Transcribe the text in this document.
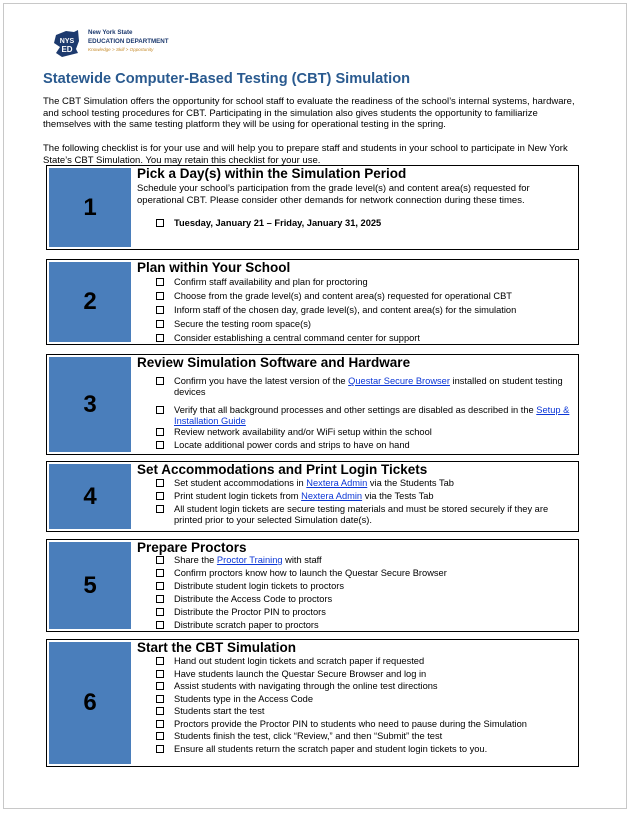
NYS
ED
New York State
EDUCATION DEPARTMENT
Knowledge > Skill > Opportunity
Statewide Computer-Based Testing (CBT) Simulation

The CBT Simulation offers the opportunity for school staff to evaluate the readiness of the school’s internal systems, hardware, and school testing procedures for CBT. Participating in the simulation also gives students the opportunity to familiarize themselves with the same testing platform they will be using for operational testing in the spring.

The following checklist is for your use and will help you to prepare staff and students in your school to participate in New York State’s CBT Simulation. You may retain this checklist for your use.

1
Pick a Day(s) within the Simulation Period
Schedule your school’s participation from the grade level(s) and content area(s) requested for operational CBT. Please consider other demands for network connection during these times.
Tuesday, January 21 – Friday, January 31, 2025
2
Plan within Your School
Confirm staff availability and plan for proctoring
Choose from the grade level(s) and content area(s) requested for operational CBT
Inform staff of the chosen day, grade level(s), and content area(s) for the simulation
Secure the testing room space(s)
Consider establishing a central command center for support
3
Review Simulation Software and Hardware
Confirm you have the latest version of the Questar Secure Browser installed on student testing devices
Verify that all background processes and other settings are disabled as described in the Setup & Installation Guide
Review network availability and/or WiFi setup within the school
Locate additional power cords and strips to have on hand
4
Set Accommodations and Print Login Tickets
Set student accommodations in Nextera Admin via the Students Tab
Print student login tickets from Nextera Admin via the Tests Tab
All student login tickets are secure testing materials and must be stored securely if they are printed prior to your selected Simulation date(s).
5
Prepare Proctors
Share the Proctor Training with staff
Confirm proctors know how to launch the Questar Secure Browser
Distribute student login tickets to proctors
Distribute the Access Code to proctors
Distribute the Proctor PIN to proctors
Distribute scratch paper to proctors
6
Start the CBT Simulation
Hand out student login tickets and scratch paper if requested
Have students launch the Questar Secure Browser and log in
Assist students with navigating through the online test directions
Students type in the Access Code
Students start the test
Proctors provide the Proctor PIN to students who need to pause during the Simulation
Students finish the test, click “Review,” and then “Submit” the test
Ensure all students return the scratch paper and student login tickets to you.
